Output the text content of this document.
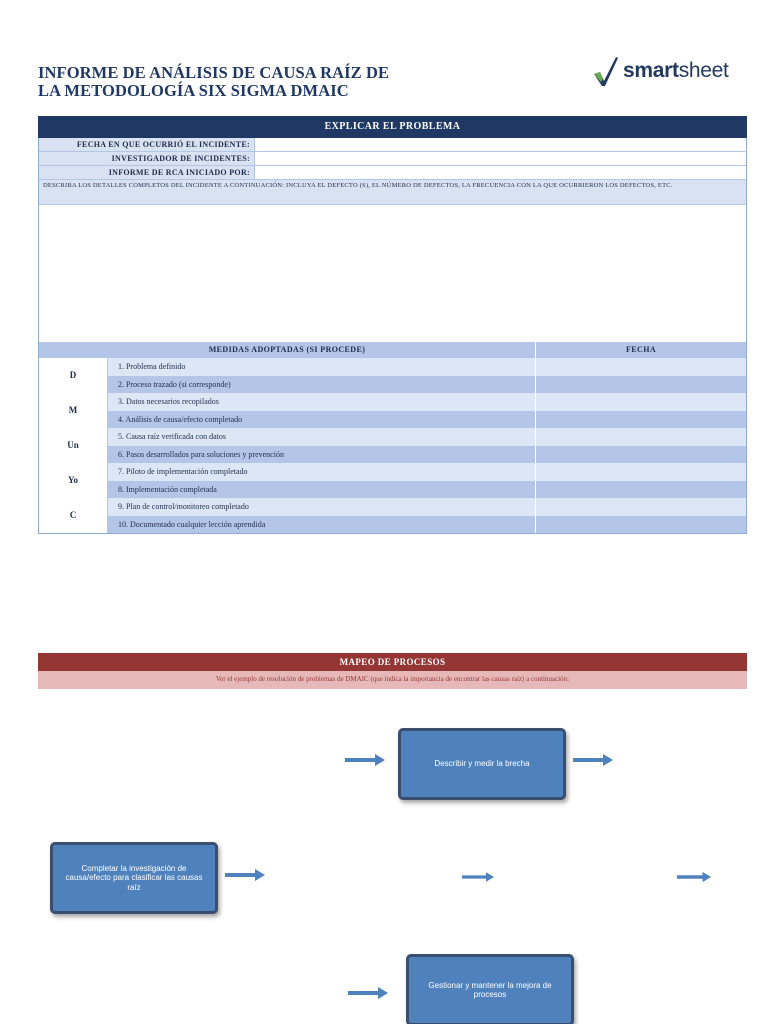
INFORME DE ANÁLISIS DE CAUSA RAÍZ DE
LA METODOLOGÍA SIX SIGMA DMAIC
smartsheet
EXPLICAR EL PROBLEMA
FECHA EN QUE OCURRIÓ EL INCIDENTE:
INVESTIGADOR DE INCIDENTES:
INFORME DE RCA INICIADO POR:
DESCRIBA LOS DETALLES COMPLETOS DEL INCIDENTE A CONTINUACIÓN: INCLUYA EL DEFECTO (S), EL NÚMERO DE DEFECTOS, LA FRECUENCIA CON LA QUE OCURRIERON LOS DEFECTOS, ETC.
MEDIDAS ADOPTADAS (SI PROCEDE)	FECHA
D
M
Un
Yo
C
1. Problema definido
2. Proceso trazado (si corresponde)
3. Datos necesarios recopilados
4. Análisis de causa/efecto completado
5. Causa raíz verificada con datos
6. Pasos desarrollados para soluciones y prevención
7. Piloto de implementación completado
8. Implementación completada
9. Plan de control/monitoreo completado
10. Documentado cualquier lección aprendida
MAPEO DE PROCESOS
Ver el ejemplo de resolución de problemas de DMAIC (que indica la importancia de encontrar las causas raíz) a continuación:
Describir y medir la brecha
Completar la investigación de causa/efecto para clasificar las causas raíz
Gestionar y mantener la mejora de procesos
